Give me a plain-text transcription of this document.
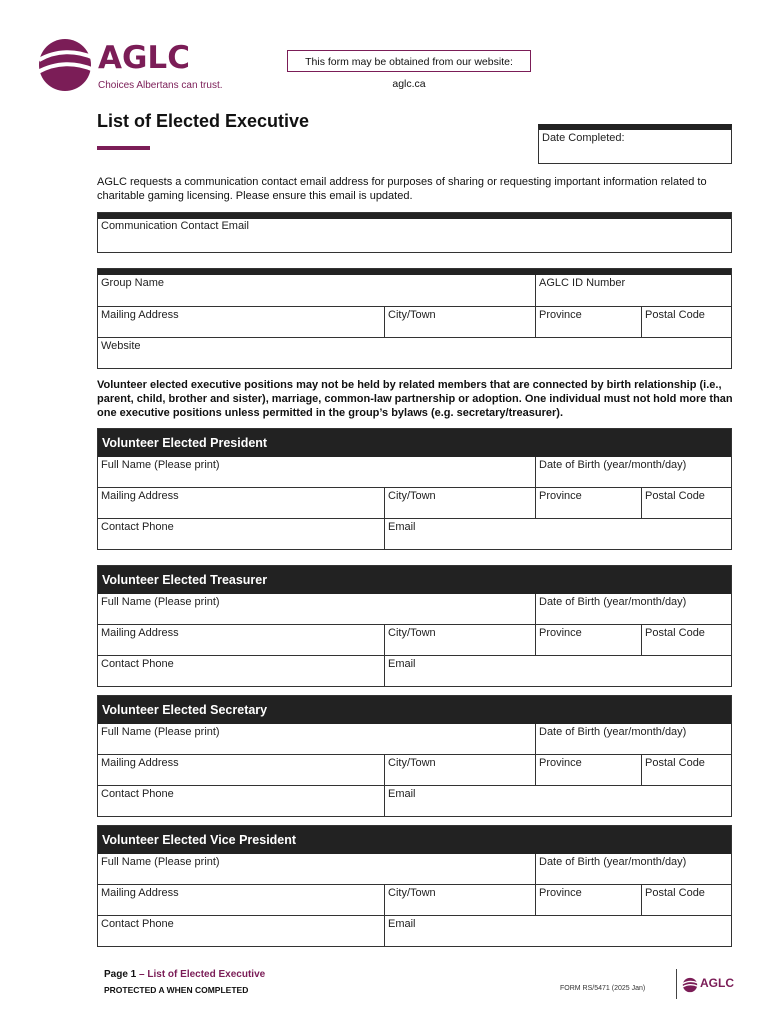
AGLC
Choices Albertans can trust.
This form may be obtained from our website: aglc.ca
List of Elected Executive
Date Completed:
AGLC requests a communication contact email address for purposes of sharing or requesting important information related to charitable gaming licensing. Please ensure this email is updated.
Communication Contact Email
Group Name	AGLC ID Number
Mailing Address	City/Town	Province	Postal Code
Website
Volunteer elected executive positions may not be held by related members that are connected by birth relationship (i.e., parent, child, brother and sister), marriage, common-law partnership or adoption. One individual must not hold more than one executive positions unless permitted in the group’s bylaws (e.g. secretary/treasurer).
Volunteer Elected President
Full Name (Please print)	Date of Birth (year/month/day)
Mailing Address	City/Town	Province	Postal Code
Contact Phone	Email
Volunteer Elected Treasurer
Full Name (Please print)	Date of Birth (year/month/day)
Mailing Address	City/Town	Province	Postal Code
Contact Phone	Email
Volunteer Elected Secretary
Full Name (Please print)	Date of Birth (year/month/day)
Mailing Address	City/Town	Province	Postal Code
Contact Phone	Email
Volunteer Elected Vice President
Full Name (Please print)	Date of Birth (year/month/day)
Mailing Address	City/Town	Province	Postal Code
Contact Phone	Email
Page 1 – List of Elected Executive
PROTECTED A WHEN COMPLETED	FORM RS/5471 (2025 Jan)	AGLC
